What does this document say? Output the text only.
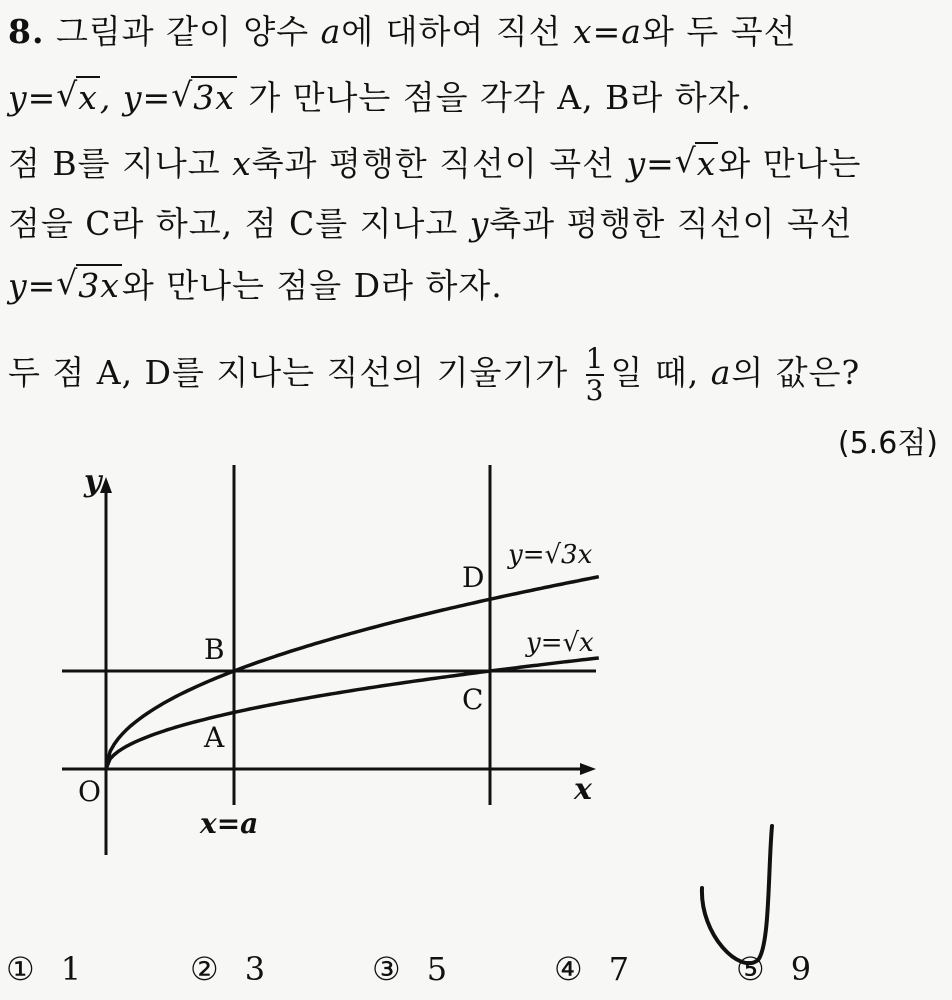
8. 그림과 같이 양수 a에 대하여 직선 x=a와 두 곡선
y= √ x, y= √ 3x 가 만나는 점을 각각 A, B라 하자.
점 B를 지나고 x축과 평행한 직선이 곡선 y= √ x와 만나는
점을 C라 하고, 점 C를 지나고 y축과 평행한 직선이 곡선
y= √ 3x와 만나는 점을 D라 하자.
두 점 A, D를 지나는 직선의 기울기가 $\frac{1}{3}$ 일 때, a의 값은?
(5.6점)
y
x
O
A
B
C
D
x=a
y=√3x
y=√x
① 1	② 3	③ 5	④ 7	⑤ 9
